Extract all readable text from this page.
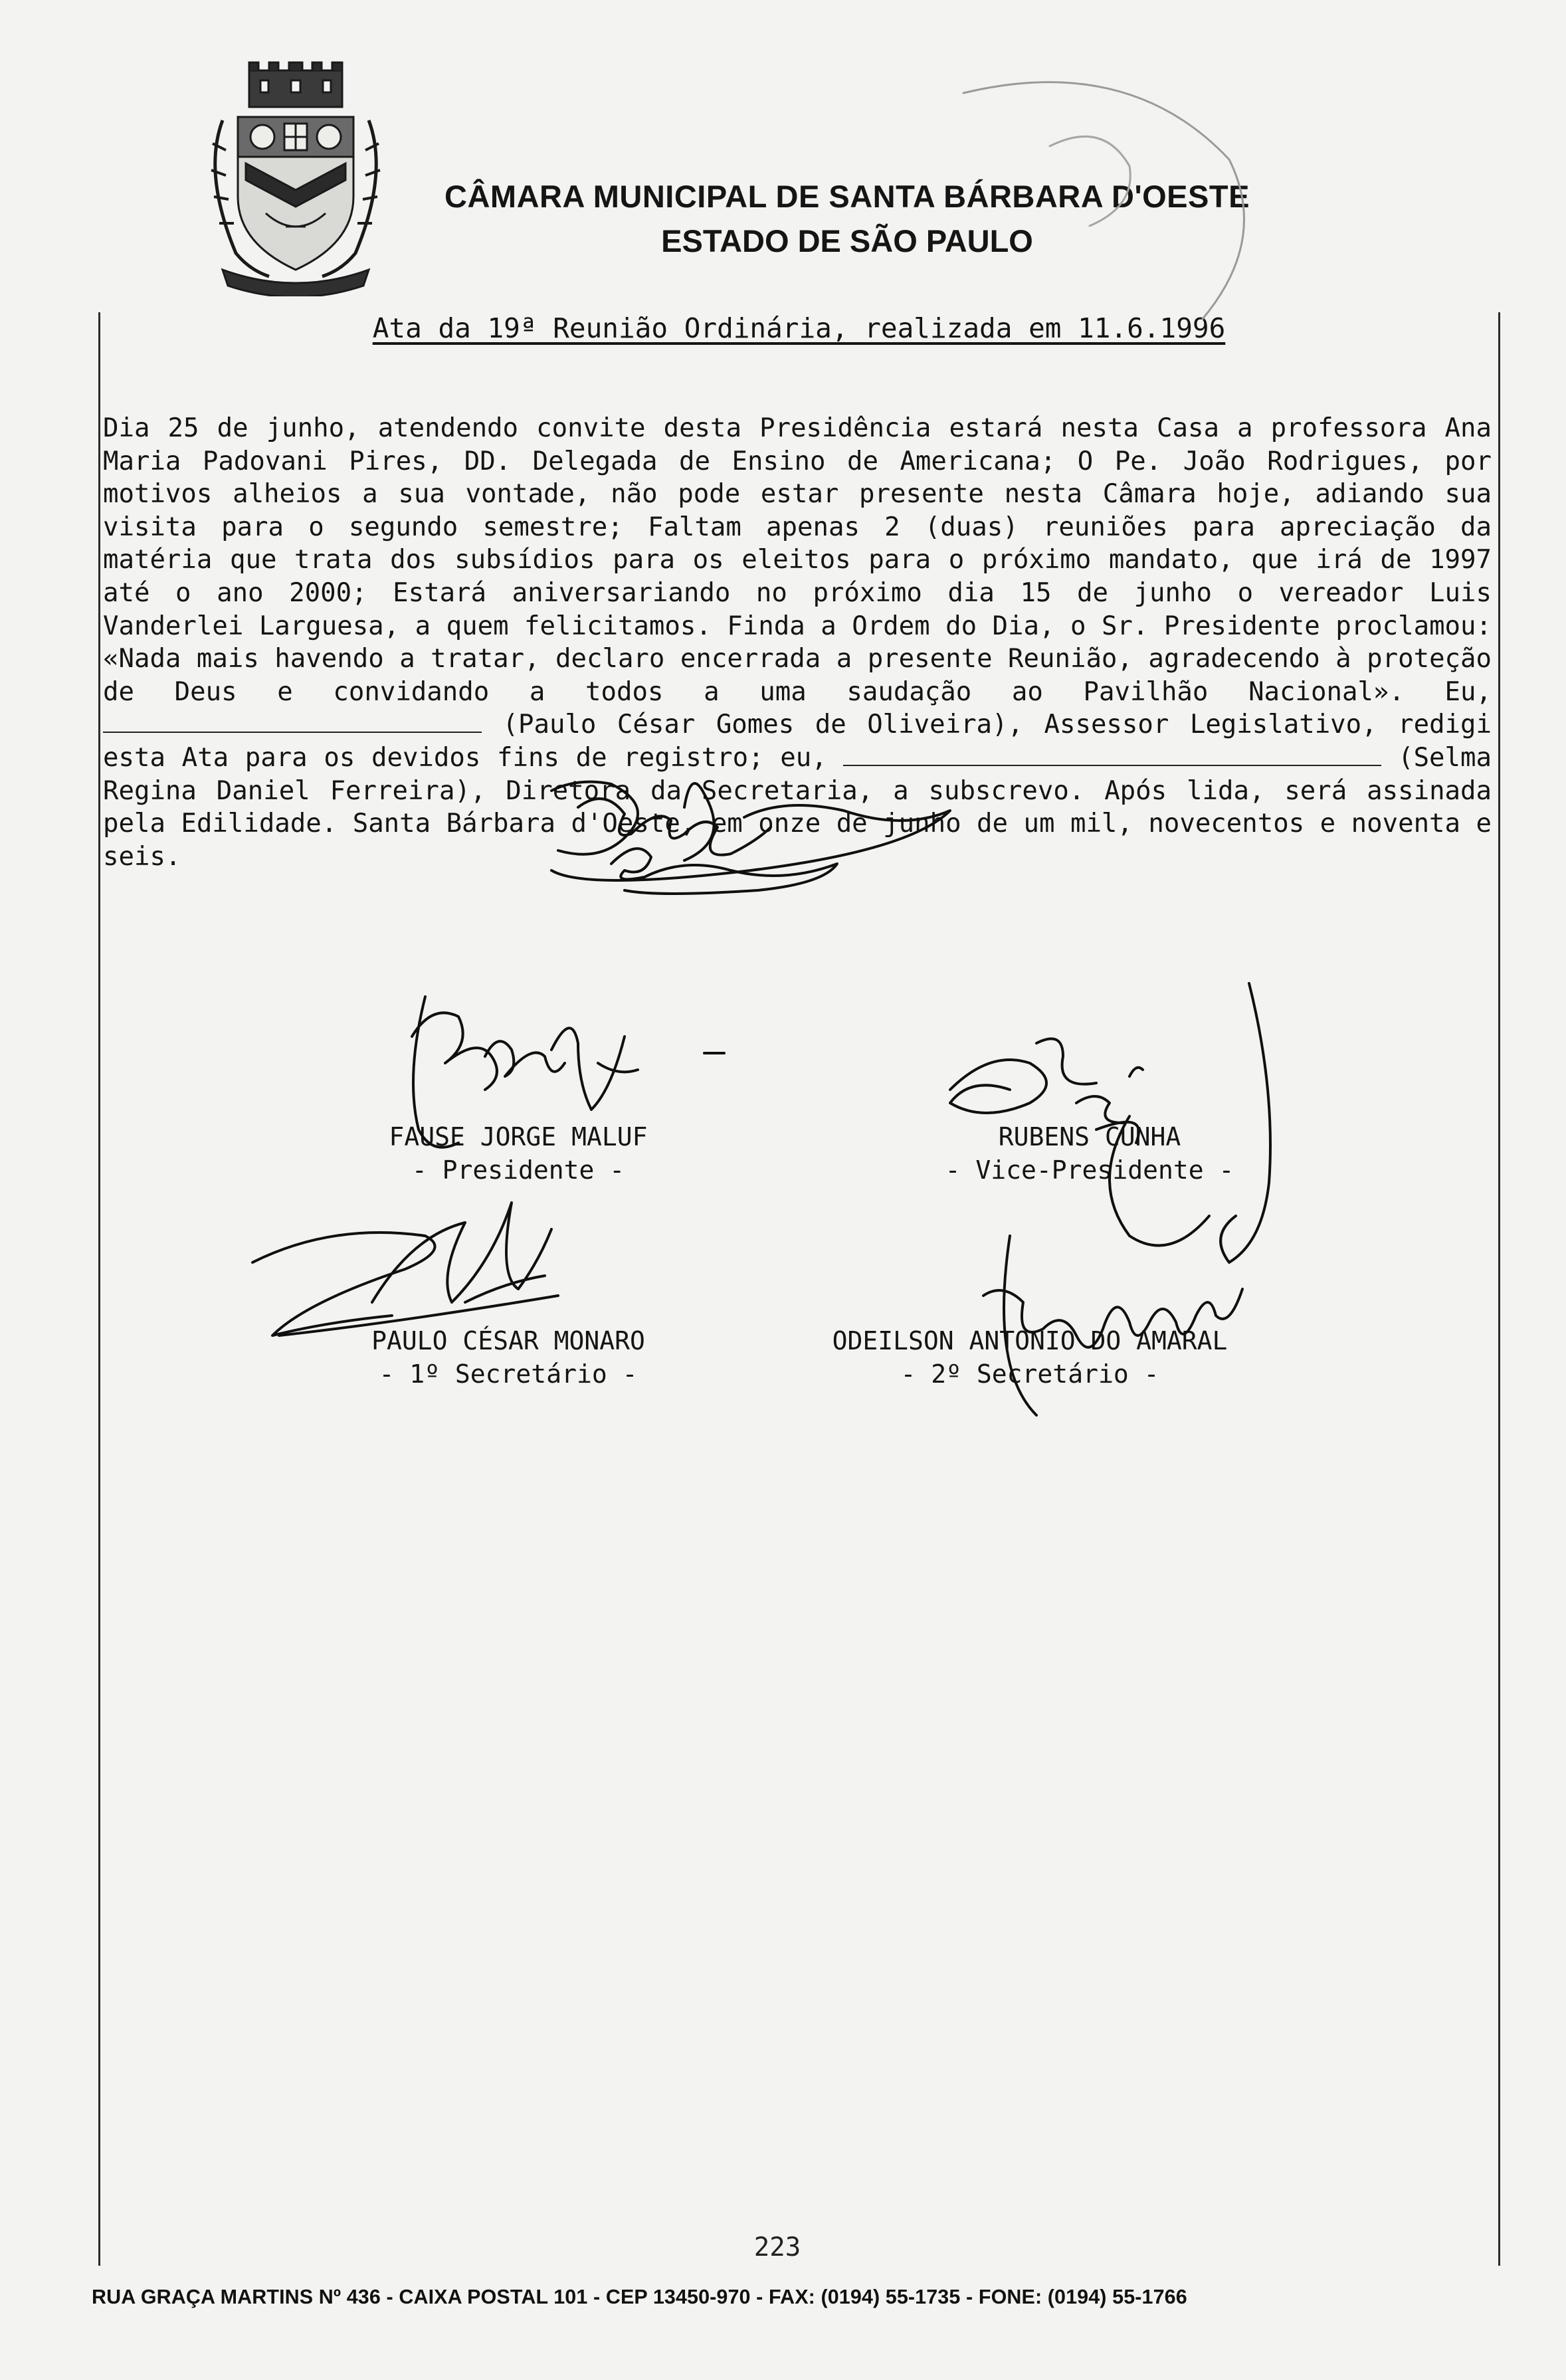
CÂMARA MUNICIPAL DE SANTA BÁRBARA D'OESTE
ESTADO DE SÃO PAULO
Ata da 19ª Reunião Ordinária, realizada em 11.6.1996
Dia 25 de junho, atendendo convite desta Presidência estará nesta Casa a professora Ana Maria Padovani Pires, DD. Delegada de Ensino de Americana; O Pe. João Rodrigues, por motivos alheios a sua vontade, não pode estar presente nesta Câmara hoje, adiando sua visita para o segundo semestre; Faltam apenas 2 (duas) reuniões para apreciação da matéria que trata dos subsídios para os eleitos para o próximo mandato, que irá de 1997 até o ano 2000; Estará aniversariando no próximo dia 15 de junho o vereador Luis Vanderlei Larguesa, a quem felicitamos. Finda a Ordem do Dia, o Sr. Presidente proclamou: «Nada mais havendo a tratar, declaro encerrada a presente Reunião, agradecendo à proteção de Deus e convidando a todos a uma saudação ao Pavilhão Nacional». Eu,  (Paulo César Gomes de Oliveira), Assessor Legislativo, redigi esta Ata para os devidos fins de registro; eu,	(Selma Regina Daniel Ferreira), Diretora da Secretaria, a subscrevo. Após lida, será assinada pela Edilidade. Santa Bárbara d'Oeste, em onze de junho de um mil, novecentos e noventa e seis.
FAUSE JORGE MALUF
- Presidente -
RUBENS CUNHA
- Vice-Presidente -
PAULO CÉSAR MONARO
- 1º Secretário -
ODEILSON ANTONIO DO AMARAL
- 2º Secretário -
223
RUA GRAÇA MARTINS Nº 436 - CAIXA POSTAL 101 - CEP 13450-970 - FAX: (0194) 55-1735 - FONE: (0194) 55-1766
